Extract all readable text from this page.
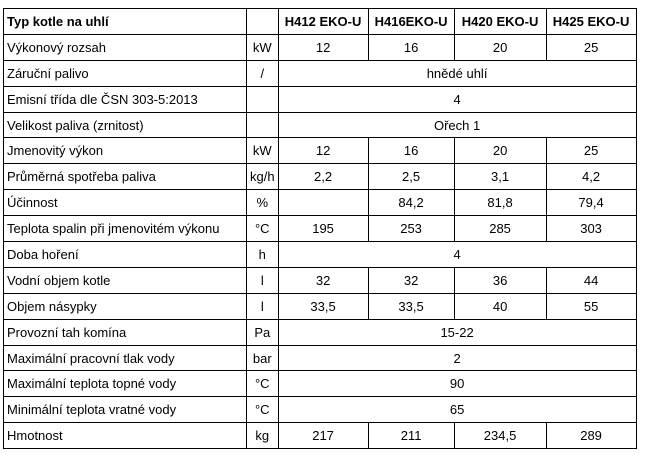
Typ kotle na uhlí		H412 EKO-U	H416EKO-U	H420 EKO-U	H425 EKO-U
Výkonový rozsah	kW	12	16	20	25
Záruční palivo	/	hnědé uhlí			
Emisní třída dle ČSN 303-5:2013		4			
Velikost paliva (zrnitost)		Ořech 1			
Jmenovitý výkon	kW	12	16	20	25
Průměrná spotřeba paliva	kg/h	2,2	2,5	3,1	4,2
Účinnost	%		84,2	81,8	79,4
Teplota spalin při jmenovitém výkonu	°C	195	253	285	303
Doba hoření	h	4			
Vodní objem kotle	l	32	32	36	44
Objem násypky	l	33,5	33,5	40	55
Provozní tah komína	Pa	15-22			
Maximální pracovní tlak vody	bar	2			
Maximální teplota topné vody	°C	90			
Minimální teplota vratné vody	°C	65			
Hmotnost	kg	217	211	234,5	289
